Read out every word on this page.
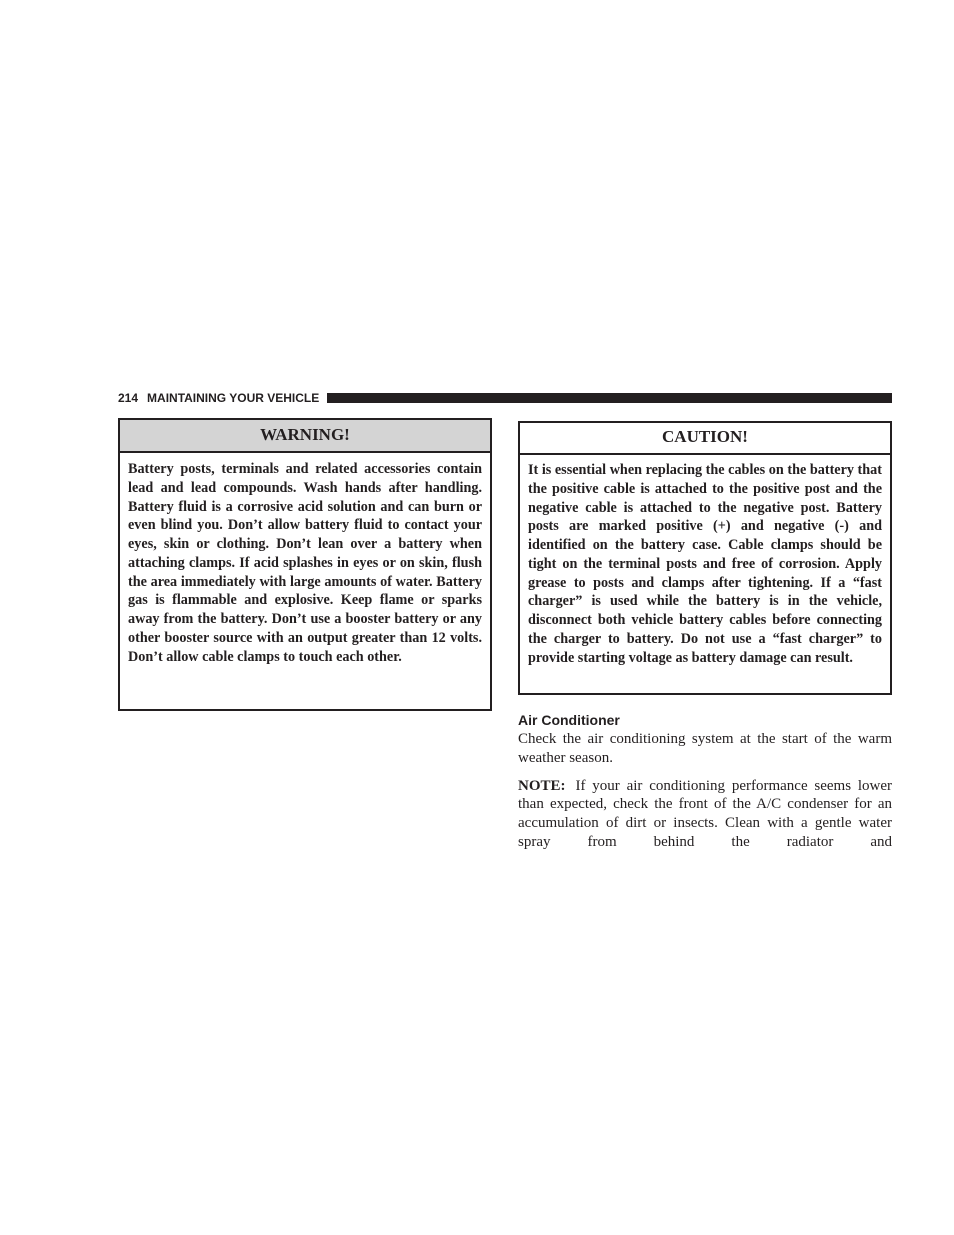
214 MAINTAINING YOUR VEHICLE
WARNING!
Battery posts, terminals and related accessories contain lead and lead compounds. Wash hands after handling. Battery fluid is a corrosive acid solution and can burn or even blind you. Don’t allow battery fluid to contact your eyes, skin or clothing. Don’t lean over a battery when attaching clamps. If acid splashes in eyes or on skin, flush the area immediately with large amounts of water. Battery gas is flammable and explosive. Keep flame or sparks away from the battery. Don’t use a booster battery or any other booster source with an output greater than 12 volts. Don’t allow cable clamps to touch each other.
CAUTION!
It is essential when replacing the cables on the battery that the positive cable is attached to the positive post and the negative cable is attached to the negative post. Battery posts are marked positive (+) and negative (-) and identified on the battery case. Cable clamps should be tight on the terminal posts and free of corrosion. Apply grease to posts and clamps after tightening. If a “fast charger” is used while the battery is in the vehicle, disconnect both vehicle battery cables before connecting the charger to battery. Do not use a “fast charger” to provide starting voltage as battery damage can result.
Air Conditioner

Check the air conditioning system at the start of the warm weather season.

NOTE: If your air conditioning performance seems lower than expected, check the front of the A/C condenser for an accumulation of dirt or insects. Clean with a gentle water spray from behind the radiator and
